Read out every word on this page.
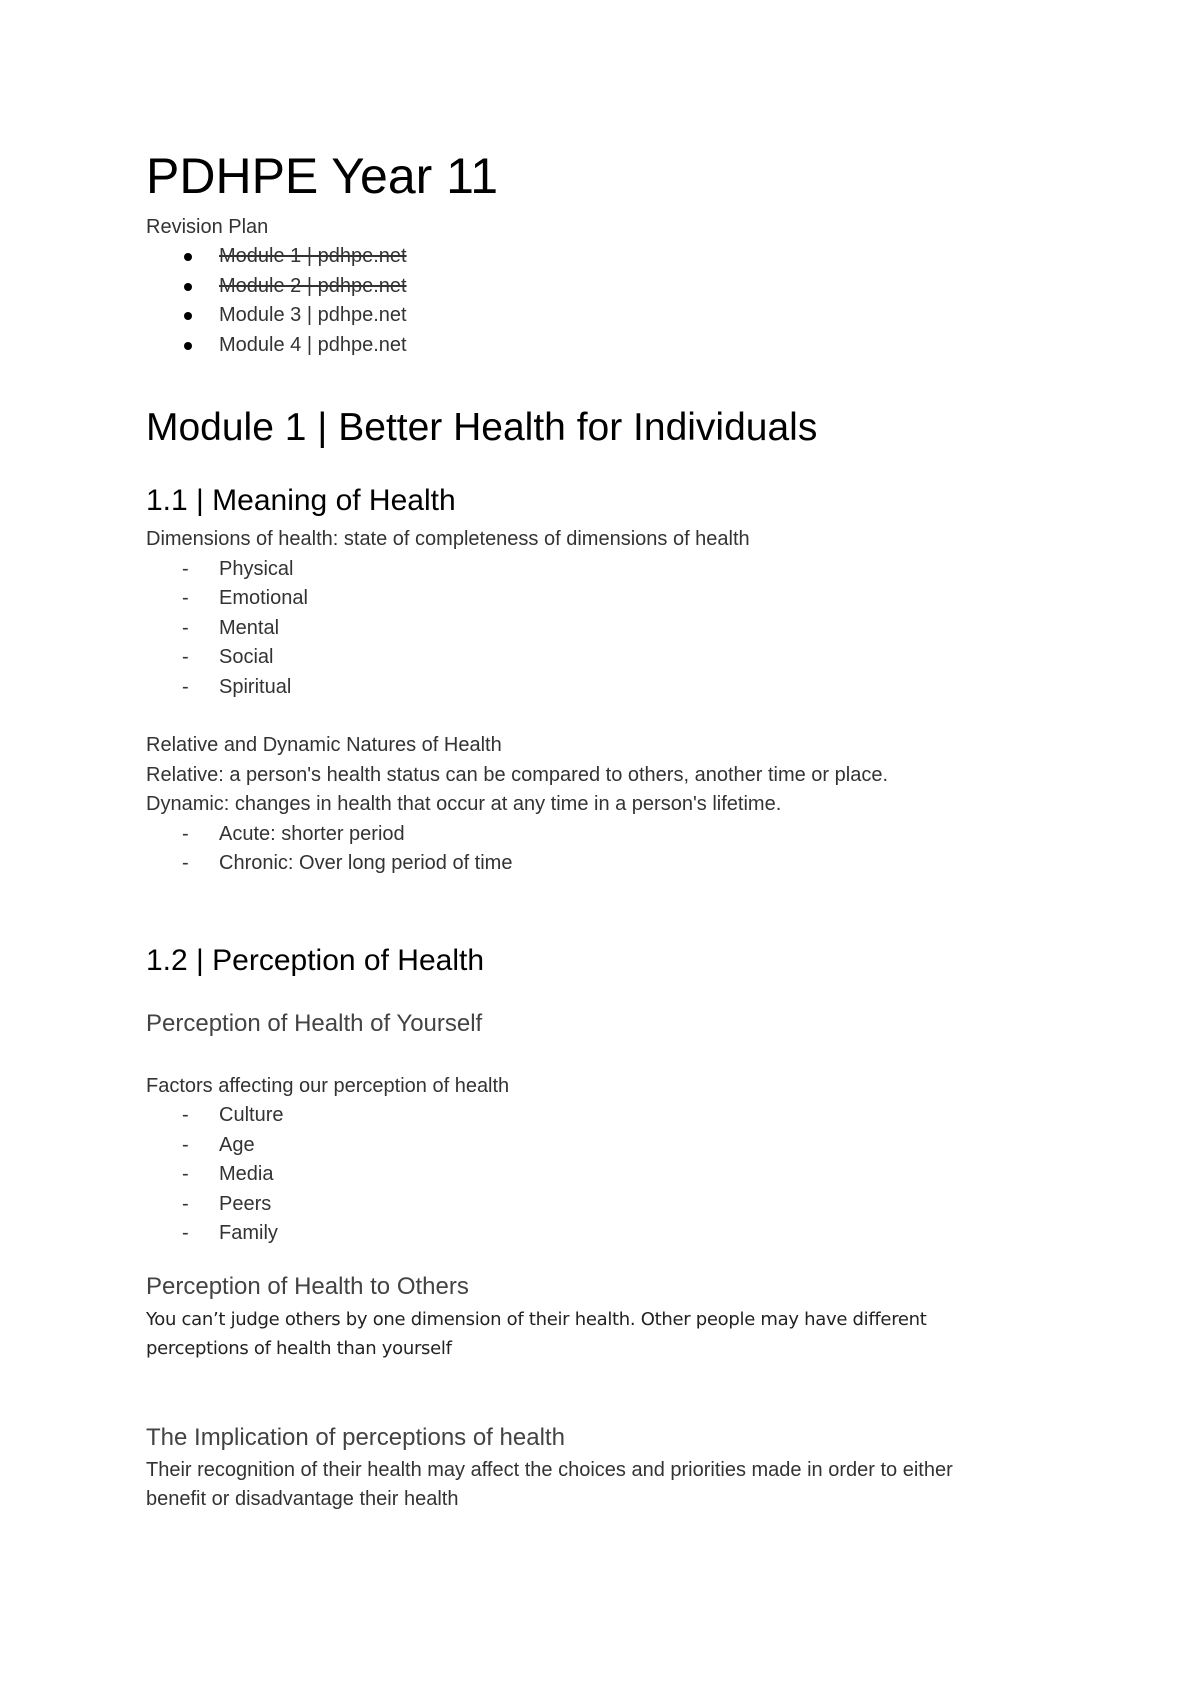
PDHPE Year 11
Revision Plan
Module 1 | pdhpe.net
Module 2 | pdhpe.net
Module 3 | pdhpe.net
Module 4 | pdhpe.net
Module 1 | Better Health for Individuals
1.1 | Meaning of Health
Dimensions of health: state of completeness of dimensions of health
- Physical
- Emotional
- Mental
- Social
- Spiritual
Relative and Dynamic Natures of Health
Relative: a person's health status can be compared to others, another time or place.
Dynamic: changes in health that occur at any time in a person's lifetime.
- Acute: shorter period
- Chronic: Over long period of time
1.2 | Perception of Health
Perception of Health of Yourself
Factors affecting our perception of health
- Culture
- Age
- Media
- Peers
- Family
Perception of Health to Others
You can’t judge others by one dimension of their health. Other people may have different
perceptions of health than yourself
The Implication of perceptions of health
Their recognition of their health may affect the choices and priorities made in order to either
benefit or disadvantage their health
